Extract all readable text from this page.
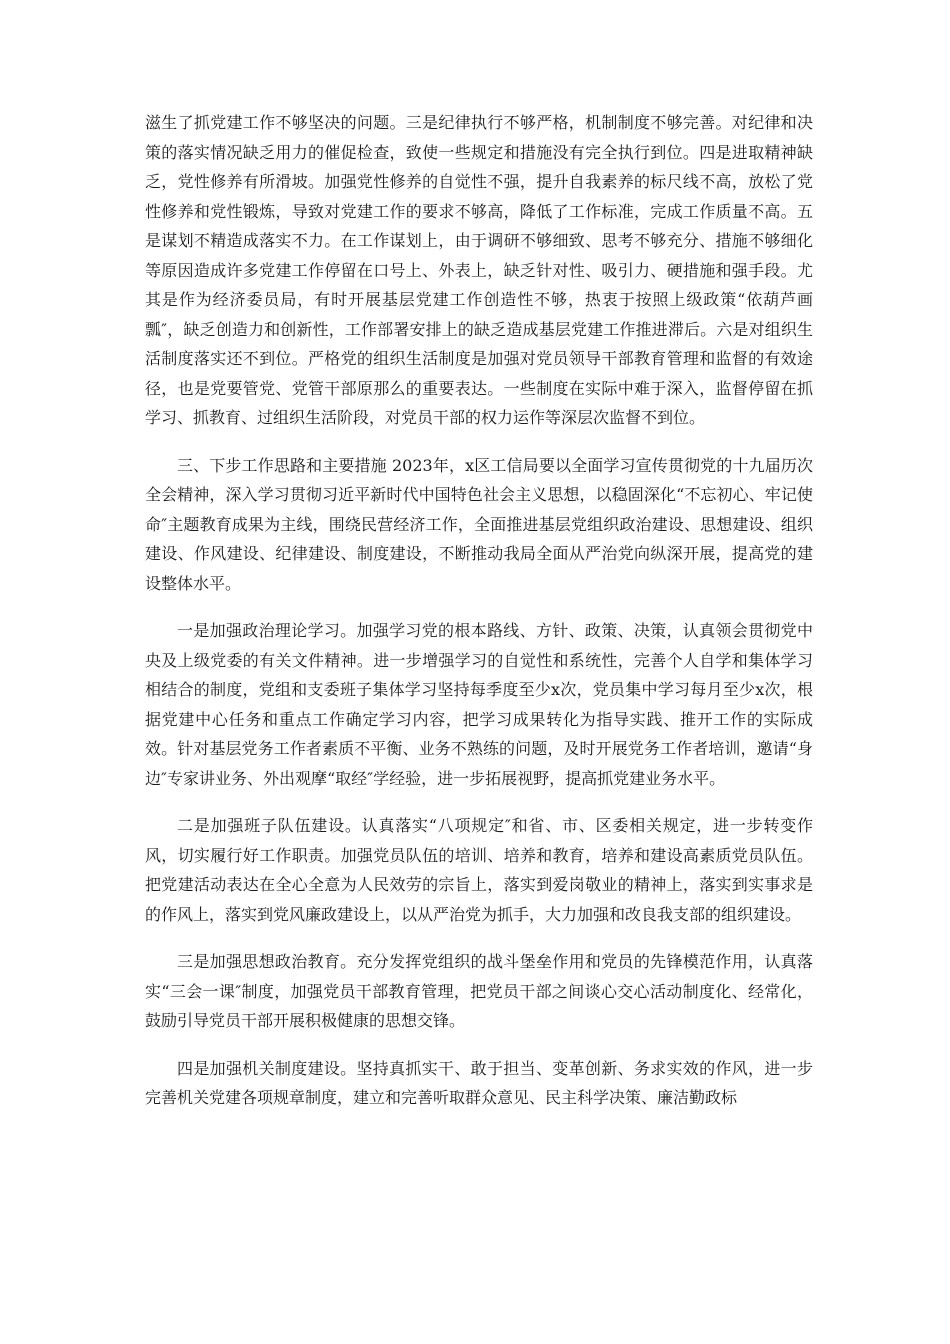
滋生了抓党建工作不够坚决的问题。三是纪律执行不够严格，机制制度不够完善。对纪律和决策的落实情况缺乏用力的催促检查，致使一些规定和措施没有完全执行到位。四是进取精神缺乏，党性修养有所滑坡。加强党性修养的自觉性不强，提升自我素养的标尺线不高，放松了党性修养和党性锻炼，导致对党建工作的要求不够高，降低了工作标准，完成工作质量不高。五是谋划不精造成落实不力。在工作谋划上，由于调研不够细致、思考不够充分、措施不够细化等原因造成许多党建工作停留在口号上、外表上，缺乏针对性、吸引力、硬措施和强手段。尤其是作为经济委员局，有时开展基层党建工作创造性不够，热衷于按照上级政策“依葫芦画瓢″，缺乏创造力和创新性，工作部署安排上的缺乏造成基层党建工作推进滞后。六是对组织生活制度落实还不到位。严格党的组织生活制度是加强对党员领导干部教育管理和监督的有效途径，也是党要管党、党管干部原那么的重要表达。一些制度在实际中难于深入，监督停留在抓学习、抓教育、过组织生活阶段，对党员干部的权力运作等深层次监督不到位。

三、下步工作思路和主要措施 2023年，x区工信局要以全面学习宣传贯彻党的十九届历次全会精神，深入学习贯彻习近平新时代中国特色社会主义思想，以稳固深化“不忘初心、牢记使命″主题教育成果为主线，围绕民营经济工作，全面推进基层党组织政治建设、思想建设、组织建设、作风建设、纪律建设、制度建设，不断推动我局全面从严治党向纵深开展，提高党的建设整体水平。

一是加强政治理论学习。加强学习党的根本路线、方针、政策、决策，认真领会贯彻党中央及上级党委的有关文件精神。进一步增强学习的自觉性和系统性，完善个人自学和集体学习相结合的制度，党组和支委班子集体学习坚持每季度至少x次，党员集中学习每月至少x次，根据党建中心任务和重点工作确定学习内容，把学习成果转化为指导实践、推开工作的实际成效。针对基层党务工作者素质不平衡、业务不熟练的问题，及时开展党务工作者培训，邀请“身边″专家讲业务、外出观摩“取经″学经验，进一步拓展视野，提高抓党建业务水平。

二是加强班子队伍建设。认真落实“八项规定″和省、市、区委相关规定，进一步转变作风，切实履行好工作职责。加强党员队伍的培训、培养和教育，培养和建设高素质党员队伍。把党建活动表达在全心全意为人民效劳的宗旨上，落实到爱岗敬业的精神上，落实到实事求是的作风上，落实到党风廉政建设上，以从严治党为抓手，大力加强和改良我支部的组织建设。

三是加强思想政治教育。充分发挥党组织的战斗堡垒作用和党员的先锋模范作用，认真落实“三会一课″制度，加强党员干部教育管理，把党员干部之间谈心交心活动制度化、经常化，鼓励引导党员干部开展积极健康的思想交锋。

四是加强机关制度建设。坚持真抓实干、敢于担当、变革创新、务求实效的作风，进一步完善机关党建各项规章制度，建立和完善听取群众意见、民主科学决策、廉洁勤政标
